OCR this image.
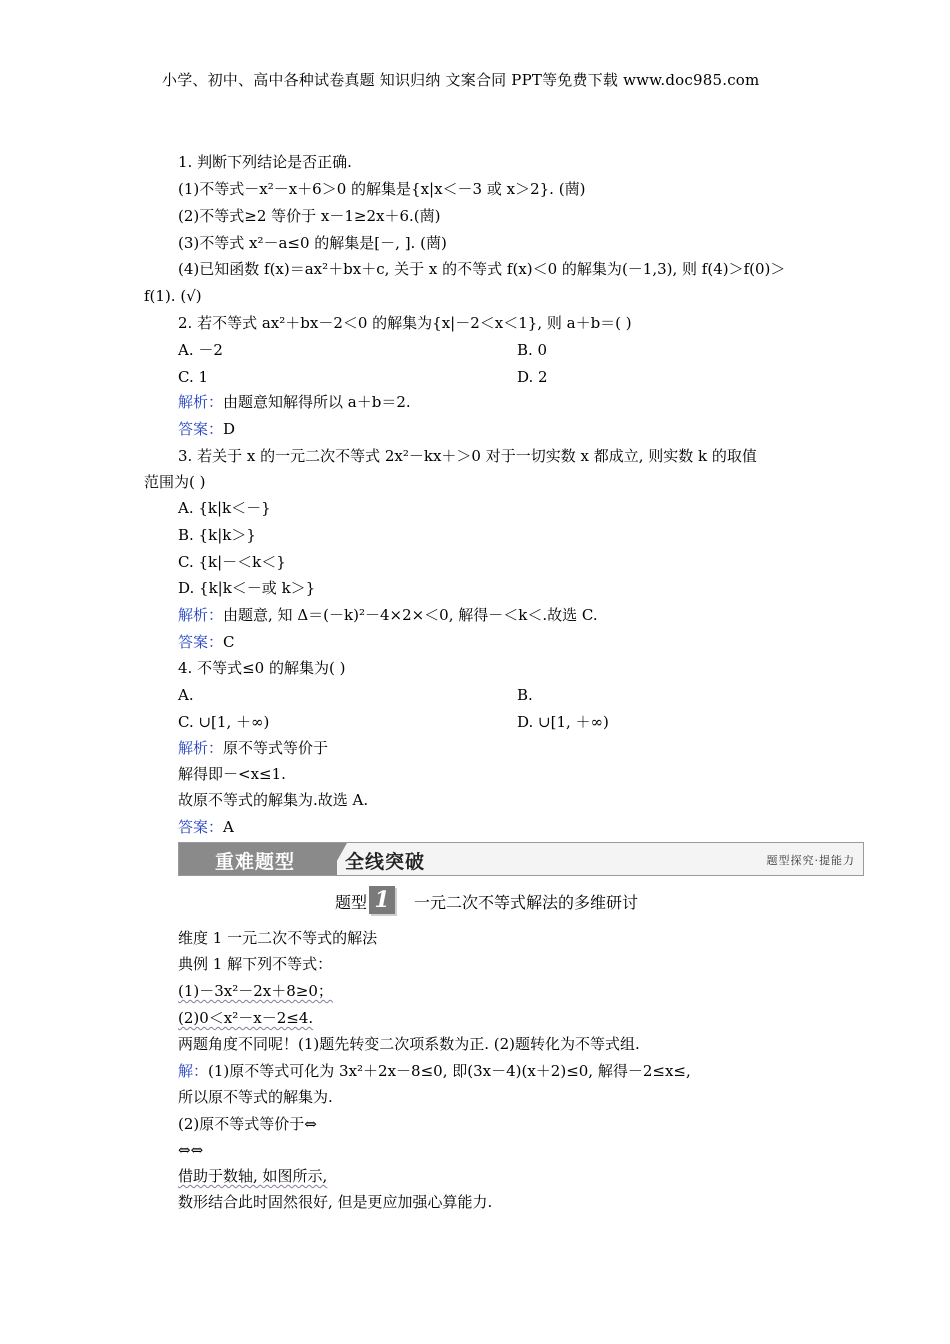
小学、初中、高中各种试卷真题 知识归纳 文案合同 PPT等免费下载 www.doc985.com
1. 判断下列结论是否正确.
(1)不等式－x²－x＋6＞0 的解集是{x|x＜－3 或 x＞2}. (菵)
(2)不等式≥2 等价于 x－1≥2x＋6.(菵)
(3)不等式 x²－a≤0 的解集是[－, ]. (菵)
(4)已知函数 f(x)＝ax²＋bx＋c, 关于 x 的不等式 f(x)＜0 的解集为(－1,3), 则 f(4)＞f(0)＞
f(1). (√)
2. 若不等式 ax²＋bx－2＜0 的解集为{x|－2＜x＜1}, 则 a＋b＝( )
A. －2	B. 0
C. 1	D. 2
解析：由题意知解得所以 a＋b＝2.
答案：D
3. 若关于 x 的一元二次不等式 2x²－kx＋＞0 对于一切实数 x 都成立, 则实数 k 的取值
范围为( )
A. {k|k＜－}
B. {k|k＞}
C. {k|－＜k＜}
D. {k|k＜－或 k＞}
解析：由题意, 知 Δ＝(－k)²－4×2×＜0, 解得－＜k＜.故选 C.
答案：C
4. 不等式≤0 的解集为( )
A.	B.
C. ∪[1, ＋∞)	D. ∪[1, ＋∞)
解析：原不等式等价于
解得即－<x≤1.
故原不等式的解集为.故选 A.
答案：A
重难题型	全线突破	题型探究·提能力
题型 1	一元二次不等式解法的多维研讨
维度 1 一元二次不等式的解法
典例 1 解下列不等式：
(1)－3x²－2x＋8≥0；
(2)0＜x²－x－2≤4.
两题角度不同呢！(1)题先转变二次项系数为正. (2)题转化为不等式组.
解：(1)原不等式可化为 3x²＋2x－8≤0, 即(3x－4)(x＋2)≤0, 解得－2≤x≤,
所以原不等式的解集为.
(2)原不等式等价于⇔
⇔⇔
借助于数轴, 如图所示,
数形结合此时固然很好, 但是更应加强心算能力.
